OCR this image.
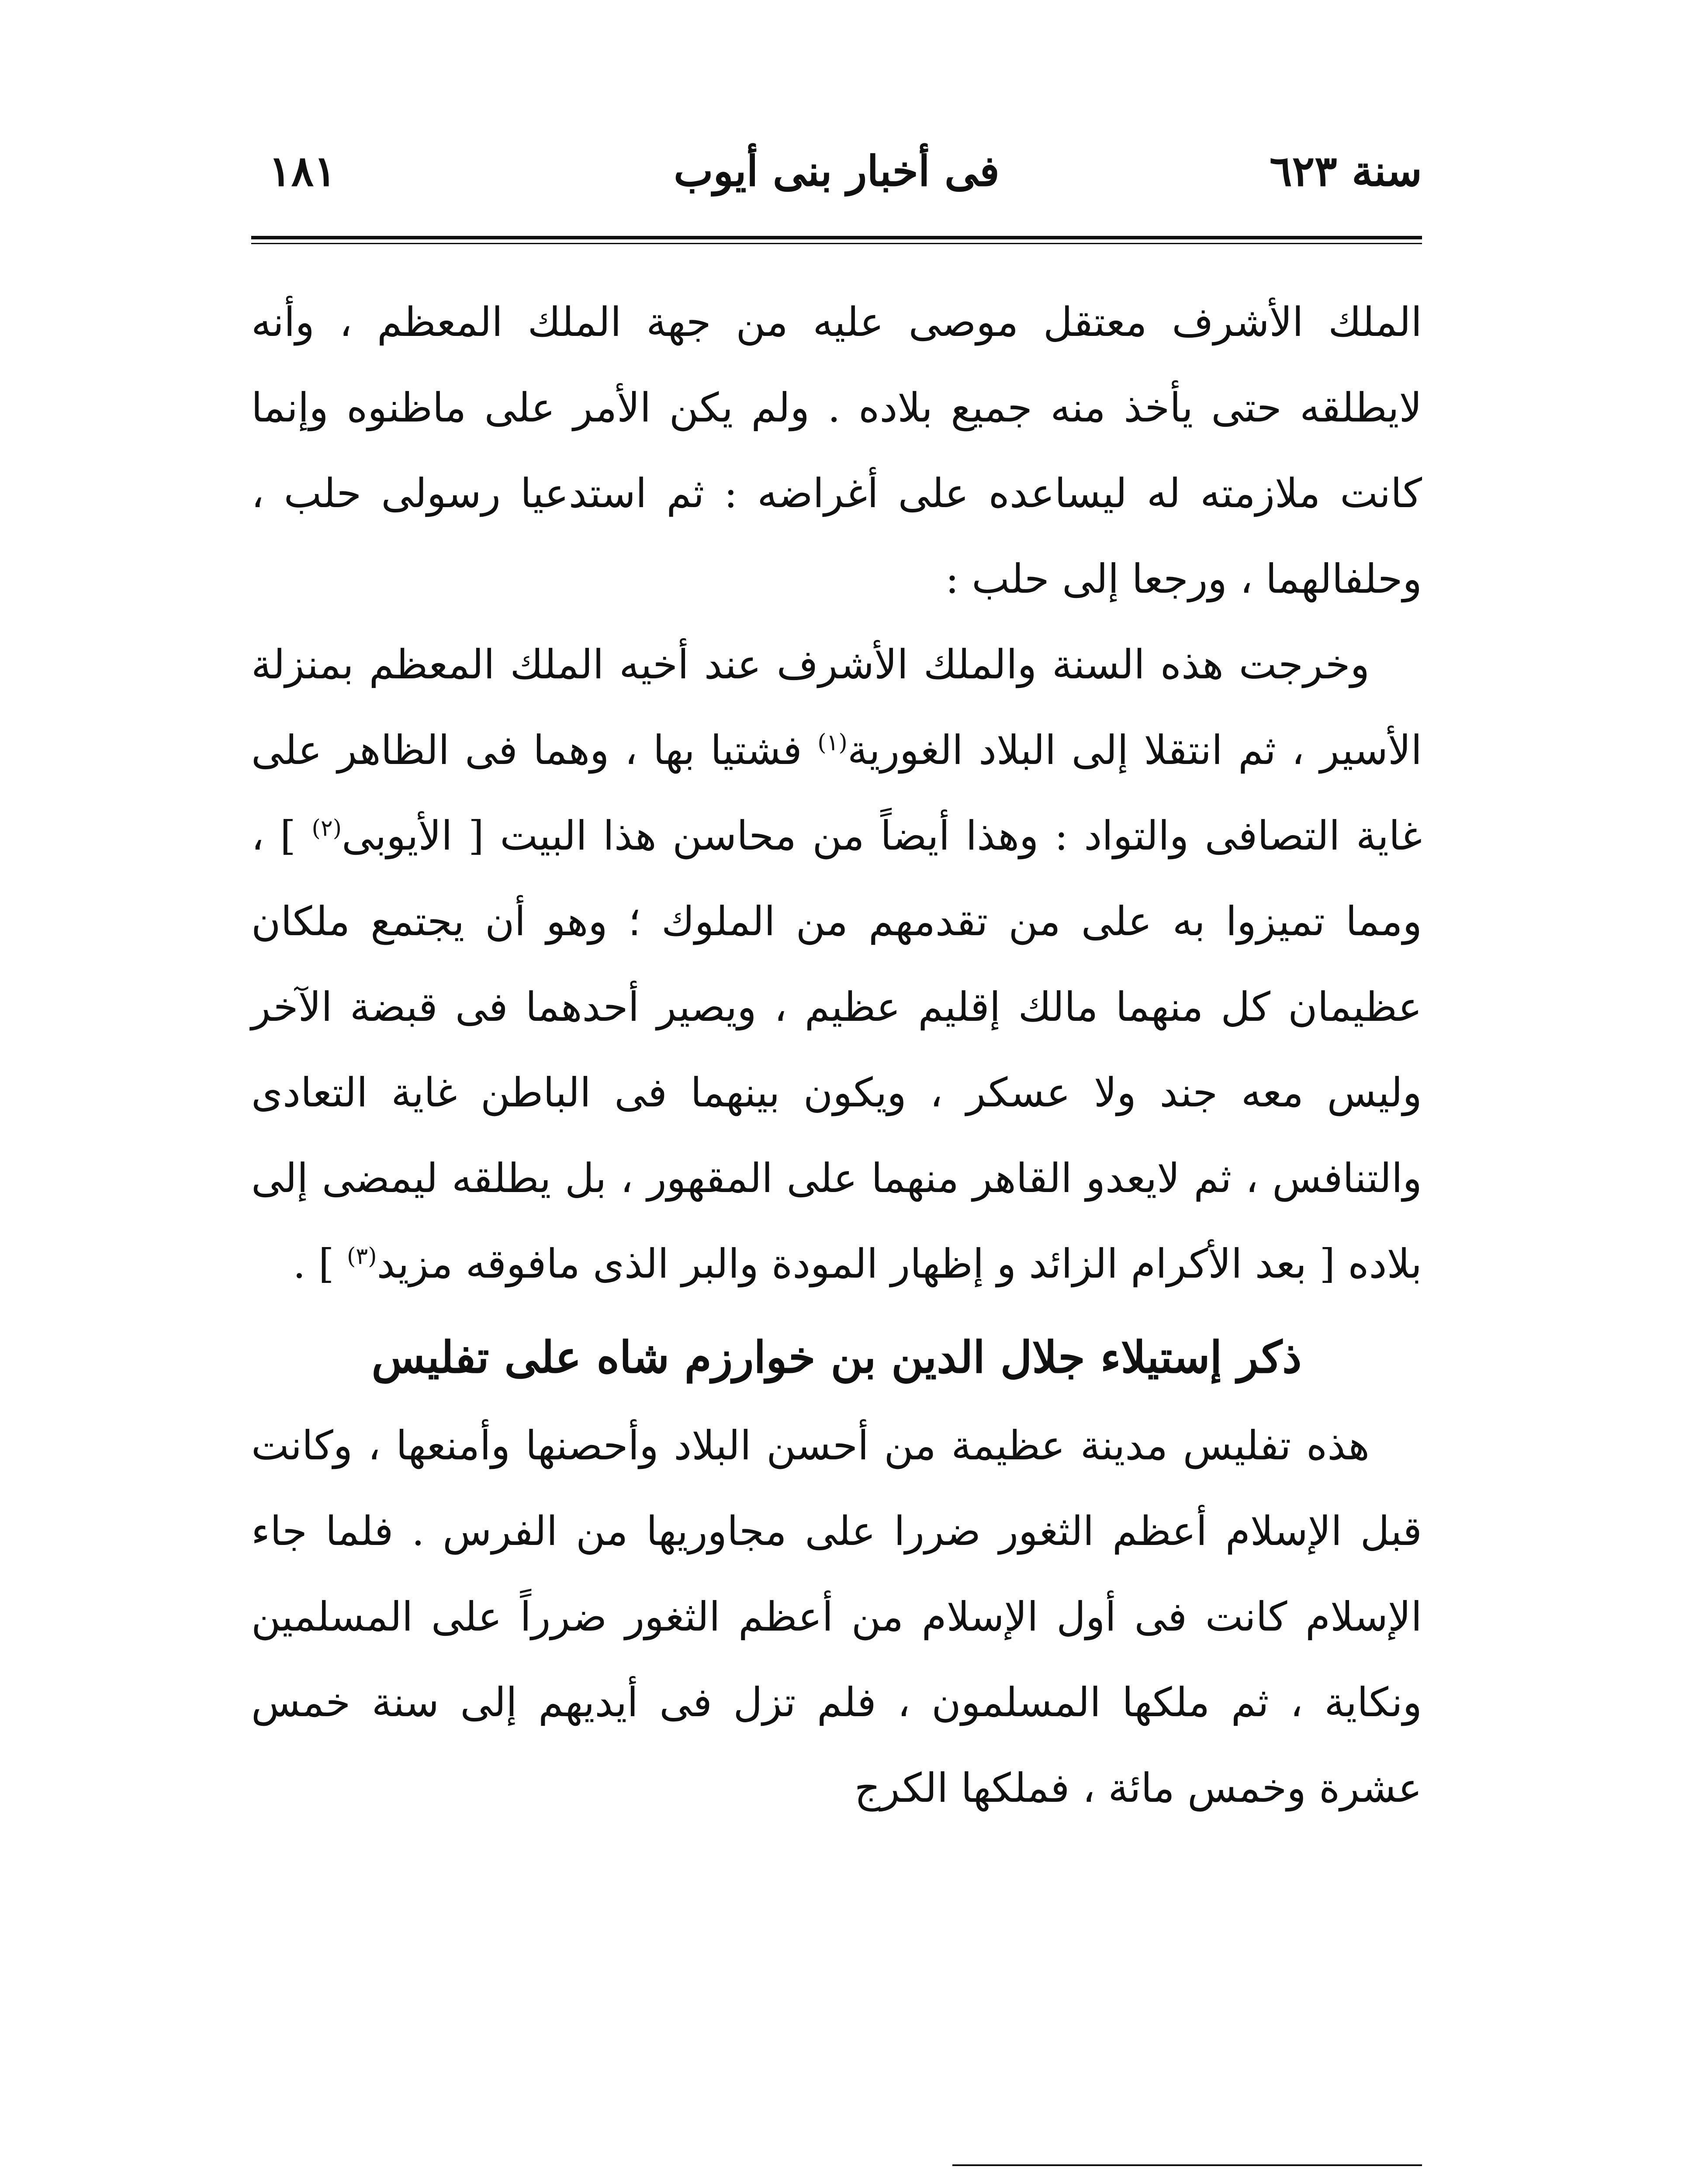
سنة ٦٢٣
فى أخبار بنى أيوب
١٨١

الملك الأشرف معتقل موصى عليه من جهة الملك المعظم ، وأنه لايطلقه حتى يأخذ منه جميع بلاده . ولم يكن الأمر على ماظنوه وإنما كانت ملازمته له ليساعده على أغراضه : ثم استدعيا رسولى حلب ، وحلفالهما ، ورجعا إلى حلب :

وخرجت هذه السنة والملك الأشرف عند أخيه الملك المعظم بمنزلة الأسير ، ثم انتقلا إلى البلاد الغورية$^{(١)}$ فشتيا بها ، وهما فى الظاهر على غاية التصافى والتواد : وهذا أيضاً من محاسن هذا البيت [ الأيوبى$^{(٢)}$ ] ، ومما تميزوا به على من تقدمهم من الملوك ؛ وهو أن يجتمع ملكان عظيمان كل منهما مالك إقليم عظيم ، ويصير أحدهما فى قبضة الآخر وليس معه جند ولا عسكر ، ويكون بينهما فى الباطن غاية التعادى والتنافس ، ثم لايعدو القاهر منهما على المقهور ، بل يطلقه ليمضى إلى بلاده [ بعد الأكرام الزائد و إظهار المودة والبر الذى مافوقه مزيد$^{(٣)}$ ] .

ذكر إستيلاء جلال الدين بن خوارزم شاه على تفليس

هذه تفليس مدينة عظيمة من أحسن البلاد وأحصنها وأمنعها ، وكانت قبل الإسلام أعظم الثغور ضررا على مجاوريها من الفرس . فلما جاء الإسلام كانت فى أول الإسلام من أعظم الثغور ضرراً على المسلمين ونكاية ، ثم ملكها المسلمون ، فلم تزل فى أيديهم إلى سنة خمس عشرة وخمس مائة ، فملكها الكرج
